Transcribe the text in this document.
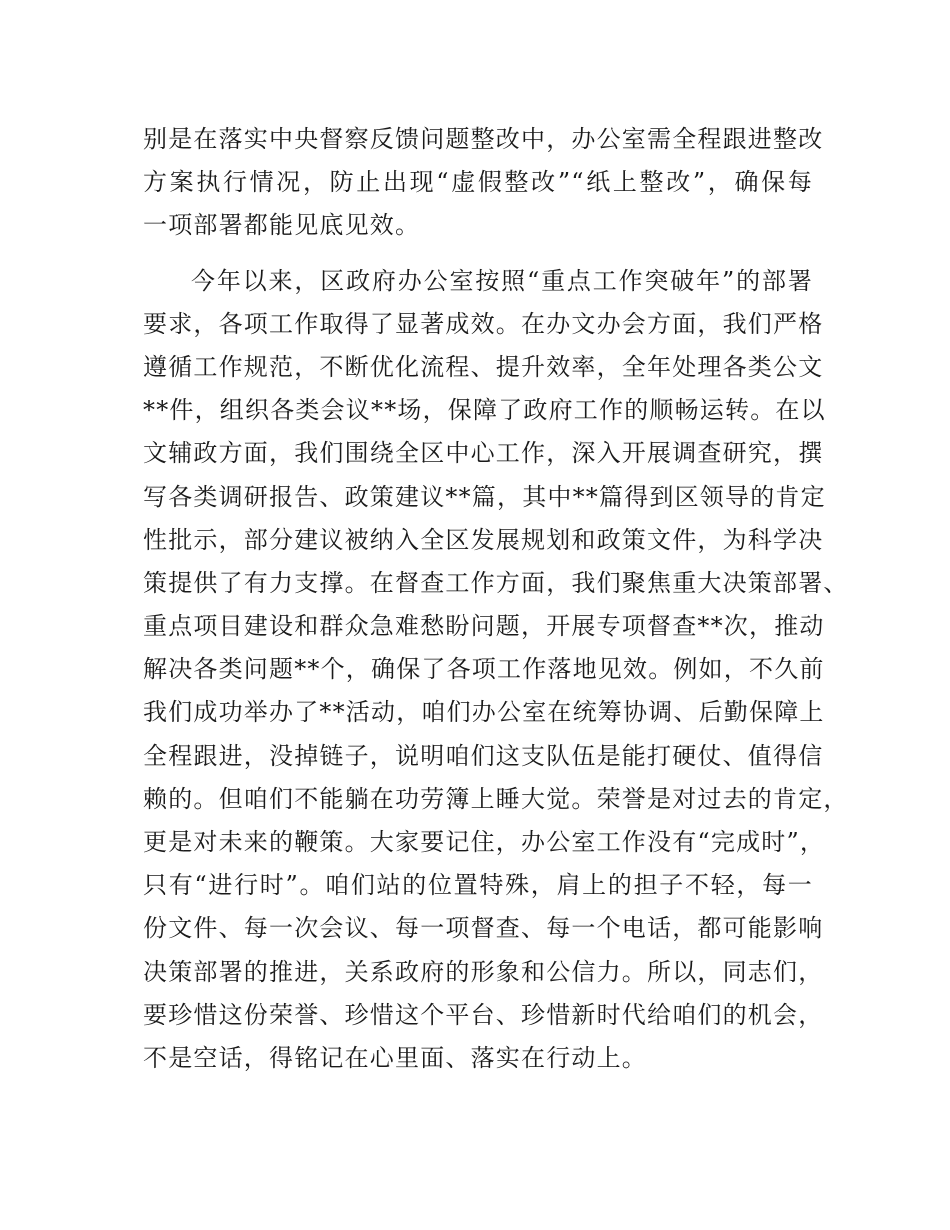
别是在落实中央督察反馈问题整改中，办公室需全程跟进整改
方案执行情况，防止出现“虚假整改”“纸上整改”，确保每
一项部署都能见底见效。
今年以来，区政府办公室按照“重点工作突破年”的部署
要求，各项工作取得了显著成效。在办文办会方面，我们严格
遵循工作规范，不断优化流程、提升效率，全年处理各类公文
**件，组织各类会议**场，保障了政府工作的顺畅运转。在以
文辅政方面，我们围绕全区中心工作，深入开展调查研究，撰
写各类调研报告、政策建议**篇，其中**篇得到区领导的肯定
性批示，部分建议被纳入全区发展规划和政策文件，为科学决
策提供了有力支撑。在督查工作方面，我们聚焦重大决策部署、
重点项目建设和群众急难愁盼问题，开展专项督查**次，推动
解决各类问题**个，确保了各项工作落地见效。例如，不久前
我们成功举办了**活动，咱们办公室在统筹协调、后勤保障上
全程跟进，没掉链子，说明咱们这支队伍是能打硬仗、值得信
赖的。但咱们不能躺在功劳簿上睡大觉。荣誉是对过去的肯定，
更是对未来的鞭策。大家要记住，办公室工作没有“完成时”，
只有“进行时”。咱们站的位置特殊，肩上的担子不轻，每一
份文件、每一次会议、每一项督查、每一个电话，都可能影响
决策部署的推进，关系政府的形象和公信力。所以，同志们，
要珍惜这份荣誉、珍惜这个平台、珍惜新时代给咱们的机会，
不是空话，得铭记在心里面、落实在行动上。
